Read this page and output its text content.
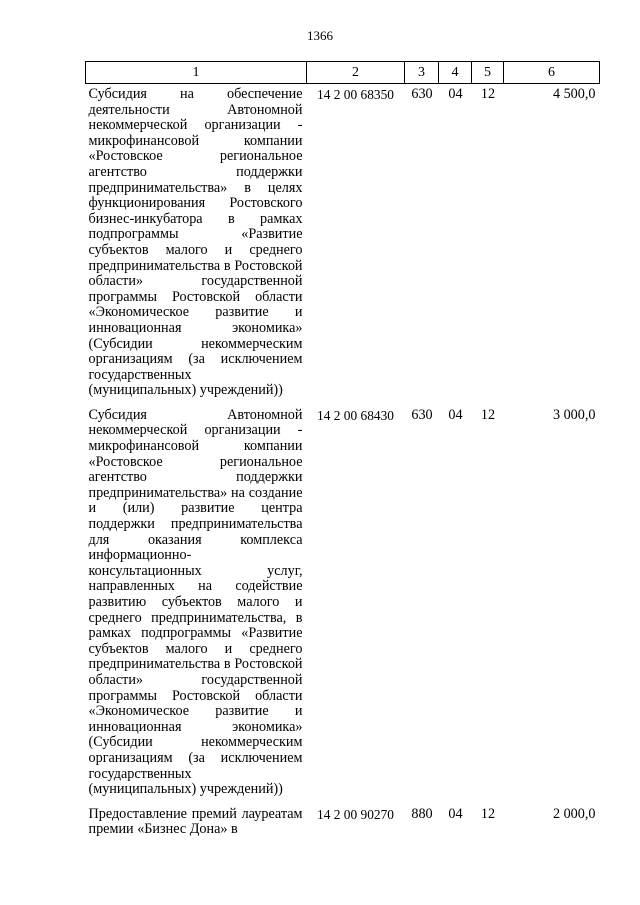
1366
1	2	3	4	5	6
Субсидия на обеспечение деятельности Автономной некоммерческой организации - микрофинансовой компании «Ростовское региональное агентство поддержки предпринимательства» в целях функционирования Ростовского бизнес-инкубатора в рамках подпрограммы «Развитие субъектов малого и среднего предпринимательства в Ростовской области» государственной программы Ростовской области «Экономическое развитие и инновационная экономика» (Субсидии некоммерческим организациям (за исключением государственных (муниципальных) учреждений))	14 2 00 68350	630	04	12	4 500,0
Субсидия Автономной некоммерческой организации - микрофинансовой компании «Ростовское региональное агентство поддержки предпринимательства» на создание и (или) развитие центра поддержки предпринимательства для оказания комплекса информационно-консультационных услуг, направленных на содействие развитию субъектов малого и среднего предпринимательства, в рамках подпрограммы «Развитие субъектов малого и среднего предпринимательства в Ростовской области» государственной программы Ростовской области «Экономическое развитие и инновационная экономика» (Субсидии некоммерческим организациям (за исключением государственных (муниципальных) учреждений))	14 2 00 68430	630	04	12	3 000,0
Предоставление премий лауреатам премии «Бизнес Дона» в	14 2 00 90270	880	04	12	2 000,0
